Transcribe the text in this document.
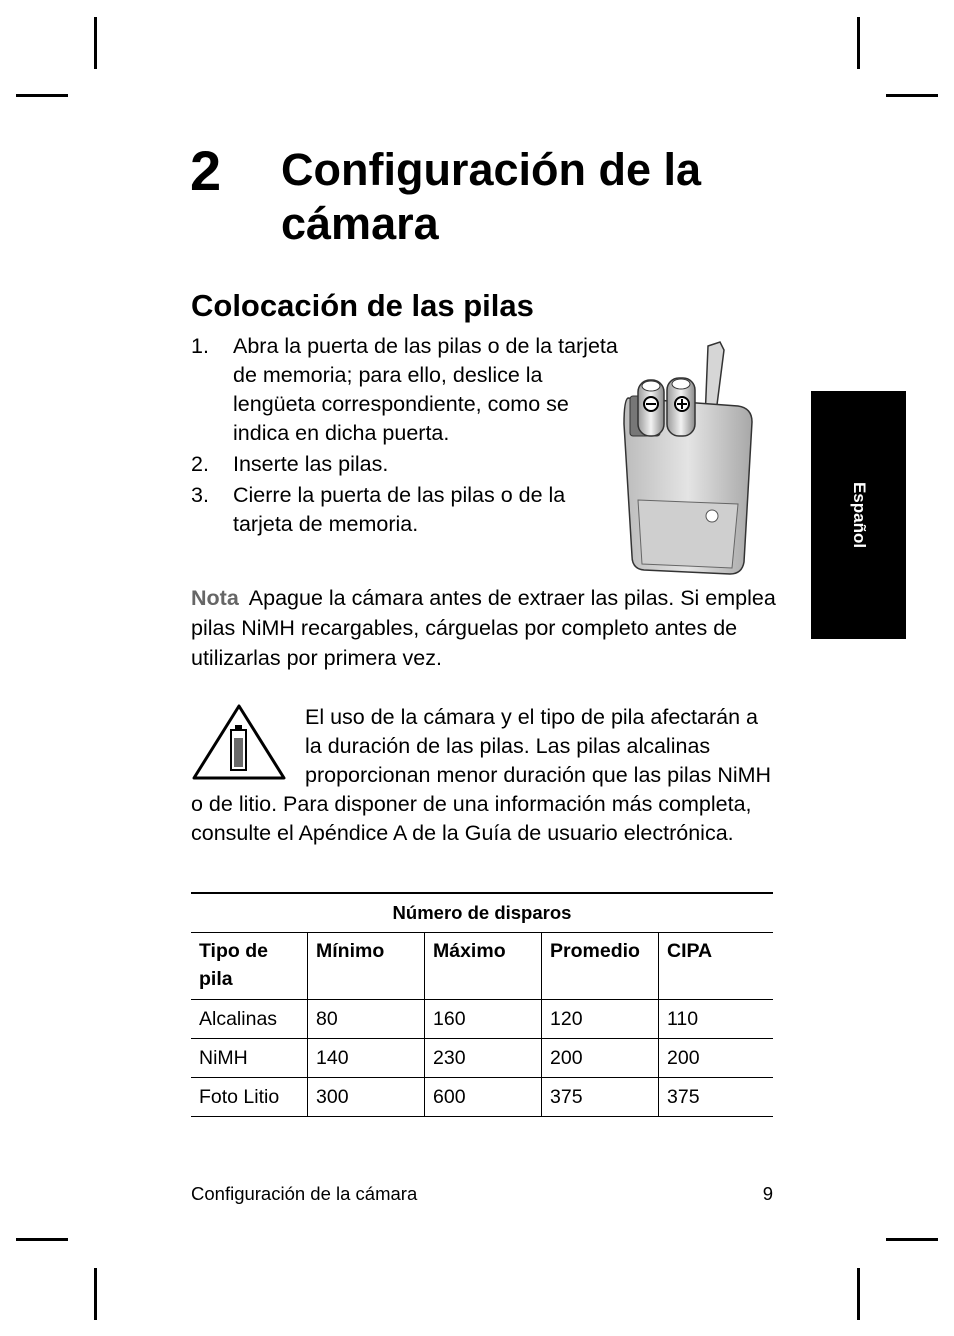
2 Configuración de la cámara
Colocación de las pilas
1. Abra la puerta de las pilas o de la tarjeta de memoria; para ello, deslice la lengüeta correspondiente, como se indica en dicha puerta.
2. Inserte las pilas.
3. Cierre la puerta de las pilas o de la tarjeta de memoria.	Español
Nota Apague la cámara antes de extraer las pilas. Si emplea pilas NiMH recargables, cárguelas por completo antes de utilizarlas por primera vez.
El uso de la cámara y el tipo de pila afectarán a la duración de las pilas. Las pilas alcalinas proporcionan menor duración que las pilas NiMH o de litio. Para disponer de una información más completa, consulte el Apéndice A de la Guía de usuario electrónica.
Número de disparos				
Tipo de pila	Mínimo	Máximo	Promedio	CIPA
Alcalinas	80	160	120	110
NiMH	140	230	200	200
Foto Litio	300	600	375	375
Configuración de la cámara	9
